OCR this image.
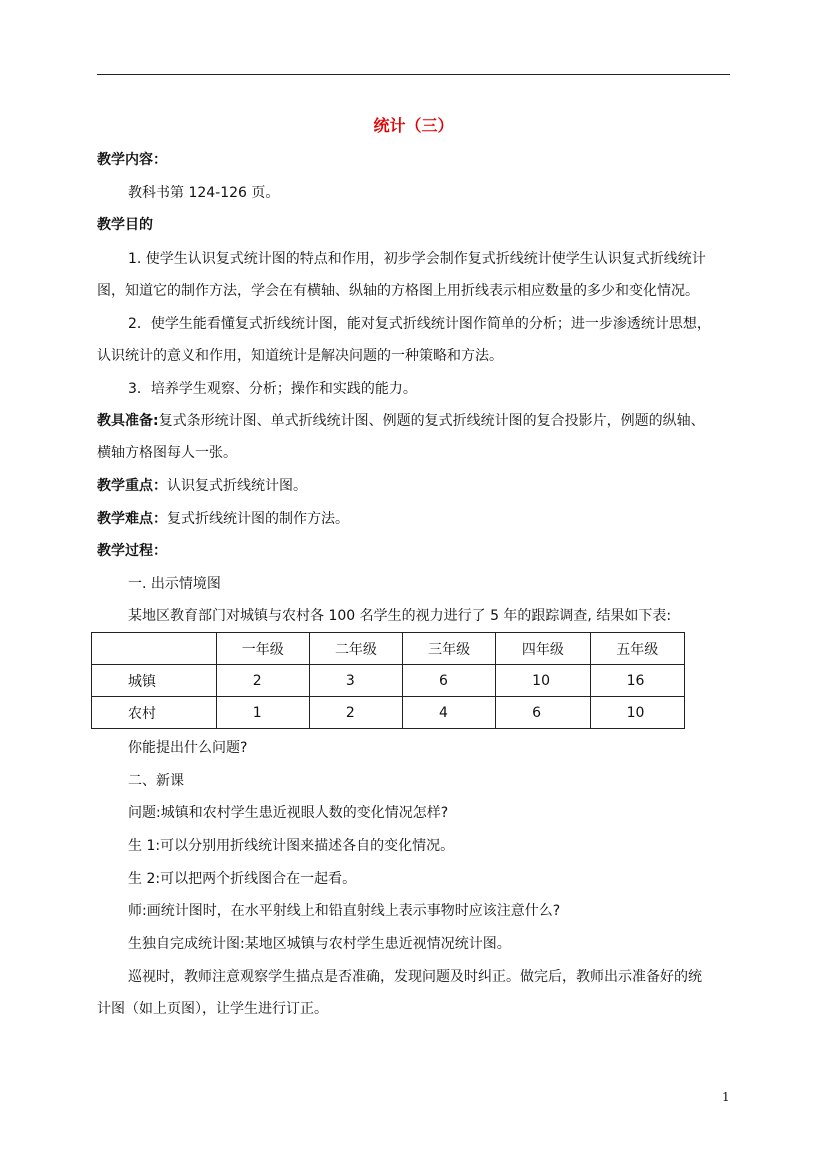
统计（三）
教学内容：
教科书第 124-126 页。
教学目的
1. 使学生认识复式统计图的特点和作用，初步学会制作复式折线统计使学生认识复式折线统计
图，知道它的制作方法，学会在有横轴、纵轴的方格图上用折线表示相应数量的多少和变化情况。
2．使学生能看懂复式折线统计图，能对复式折线统计图作简单的分析；进一步渗透统计思想，
认识统计的意义和作用，知道统计是解决问题的一种策略和方法。
3．培养学生观察、分析；操作和实践的能力。
教具准备:复式条形统计图、单式折线统计图、例题的复式折线统计图的复合投影片，例题的纵轴、
横轴方格图每人一张。
教学重点：认识复式折线统计图。
教学难点：复式折线统计图的制作方法。
教学过程：
一. 出示情境图
某地区教育部门对城镇与农村各 100 名学生的视力进行了 5 年的跟踪调查, 结果如下表:
	一年级	二年级	三年级	四年级	五年级
城镇	2	3	6	10	16
农村	1	2	4	6	10
你能提出什么问题?
二、新课
问题:城镇和农村学生患近视眼人数的变化情况怎样?
生 1:可以分别用折线统计图来描述各自的变化情况。
生 2:可以把两个折线图合在一起看。
师:画统计图时，在水平射线上和铅直射线上表示事物时应该注意什么?
生独自完成统计图:某地区城镇与农村学生患近视情况统计图。
巡视时，教师注意观察学生描点是否准确，发现问题及时纠正。做完后，教师出示准备好的统
计图（如上页图），让学生进行订正。
1
